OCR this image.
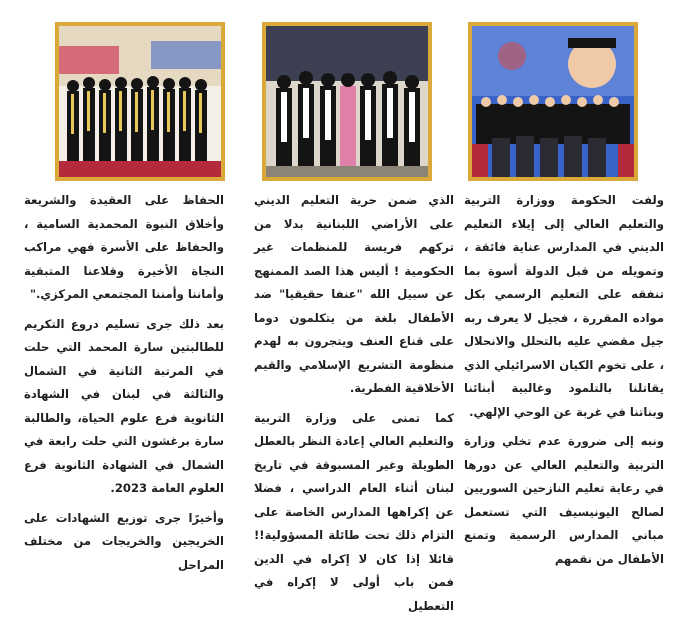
ولفت الحكومة ووزارة التربية والتعليم العالي إلى إيلاء التعليم الديني في المدارس عناية فائقة ، وتمويله من قبل الدولة أسوة بما تنفقه على التعليم الرسمي بكل مواده المقررة ، فجيل لا يعرف ربه جيل مقضي عليه بالتحلل والانحلال ، على تخوم الكيان الاسرائيلي الذي يقاتلنا بالتلمود وغالبية أبنائنا وبناتنا في غربة عن الوحي الإلهي.

ونبه إلى ضرورة عدم تخلي وزارة التربية والتعليم العالي عن دورها في رعاية تعليم النازحين السوريين لصالح اليونيسيف التي تستعمل مباني المدارس الرسمية وتمنع الأطفال من نقمهم

الذي ضمن حرية التعليم الديني على الأراضي اللبنانية بدلا من تركهم فريسة للمنظمات غير الحكومية ! أليس هذا الصد الممنهج عن سبيل الله "عنفا حقيقيا" ضد الأطفال بلغة من يتكلمون دوما على قناع العنف ويتجرون به لهدم منظومة التشريع الإسلامي والقيم الأخلاقية الفطرية.

كما تمنى على وزارة التربية والتعليم العالي إعادة النظر بالعطل الطويلة وغير المسبوقة في تاريخ لبنان أثناء العام الدراسي ، فضلا عن إكراهها المدارس الخاصة على التزام ذلك تحت طائلة المسؤولية!! قائلا إذا كان لا إكراه في الدين فمن باب أولى لا إكراه في التعطيل

الحفاظ على العقيدة والشريعة وأخلاق النبوة المحمدية السامية ، والحفاظ على الأسرة فهي مراكب النجاة الأخيرة وقلاعنا المتبقية وأماننا وأمننا المجتمعي المركزي."

بعد ذلك جرى تسليم دروع التكريم للطالبتين سارة المحمد التي حلت في المرتبة الثانية في الشمال والثالثة في لبنان في الشهادة الثانوية فرع علوم الحياة، والطالبة سارة برغشون التي حلت رابعة في الشمال في الشهادة الثانوية فرع العلوم العامة 2023.

وأخيرًا جرى توزيع الشهادات على الخريجين والخريجات من مختلف المراحل
